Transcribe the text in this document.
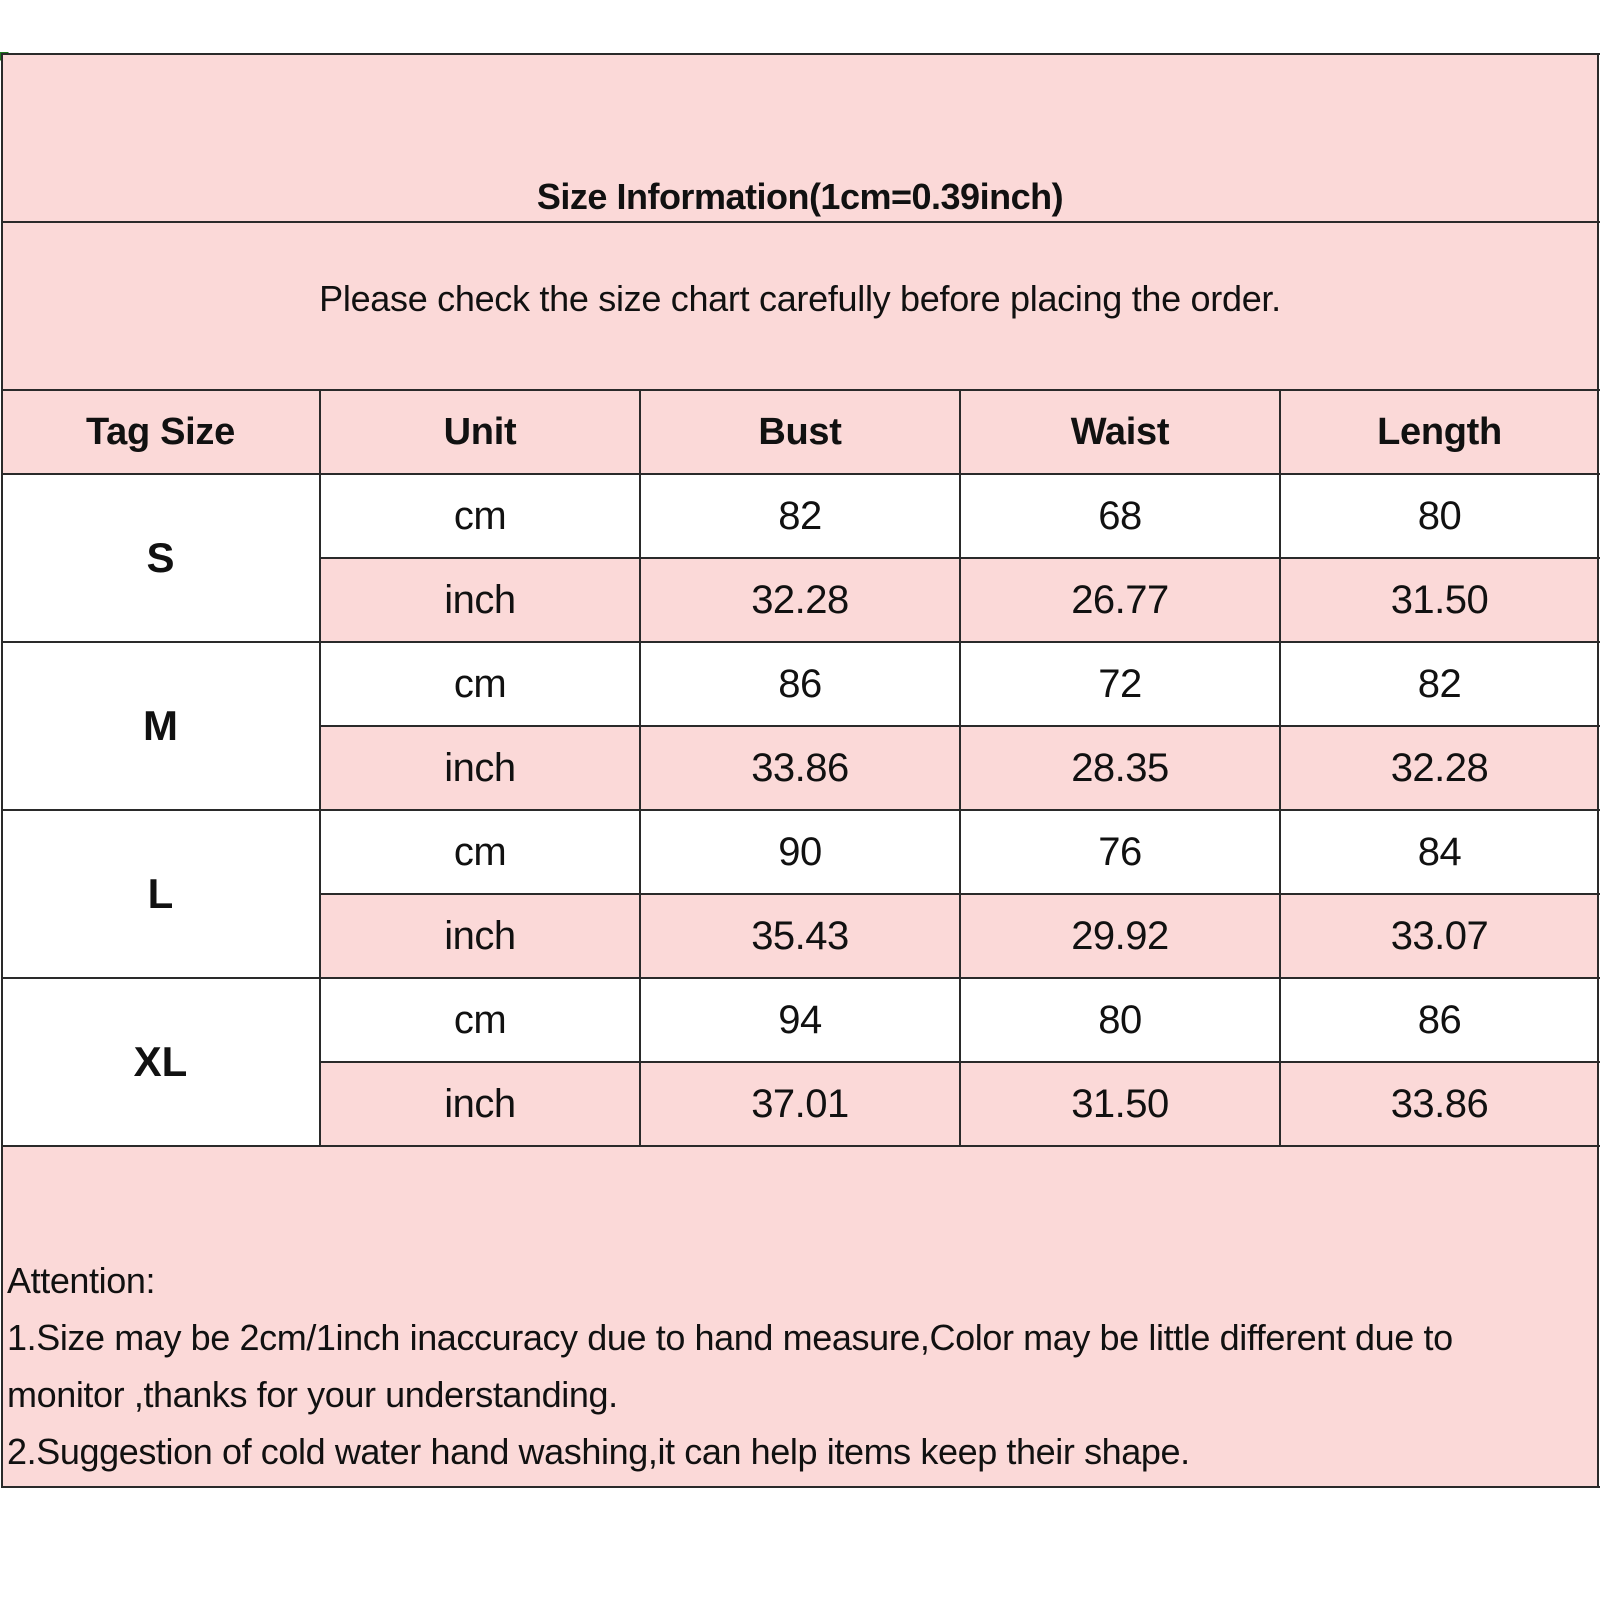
Size Information(1cm=0.39inch)
Please check the size chart carefully before placing the order.
Tag Size	Unit	Bust	Waist	Length
S
cm	82	68	80
inch	32.28	26.77	31.50
M
cm	86	72	82
inch	33.86	28.35	32.28
L
cm	90	76	84
inch	35.43	29.92	33.07
XL
cm	94	80	86
inch	37.01	31.50	33.86
Attention:
1.Size may be 2cm/1inch inaccuracy due to hand measure,Color may be little different due to monitor ,thanks for your understanding.
2.Suggestion of cold water hand washing,it can help items keep their shape.
